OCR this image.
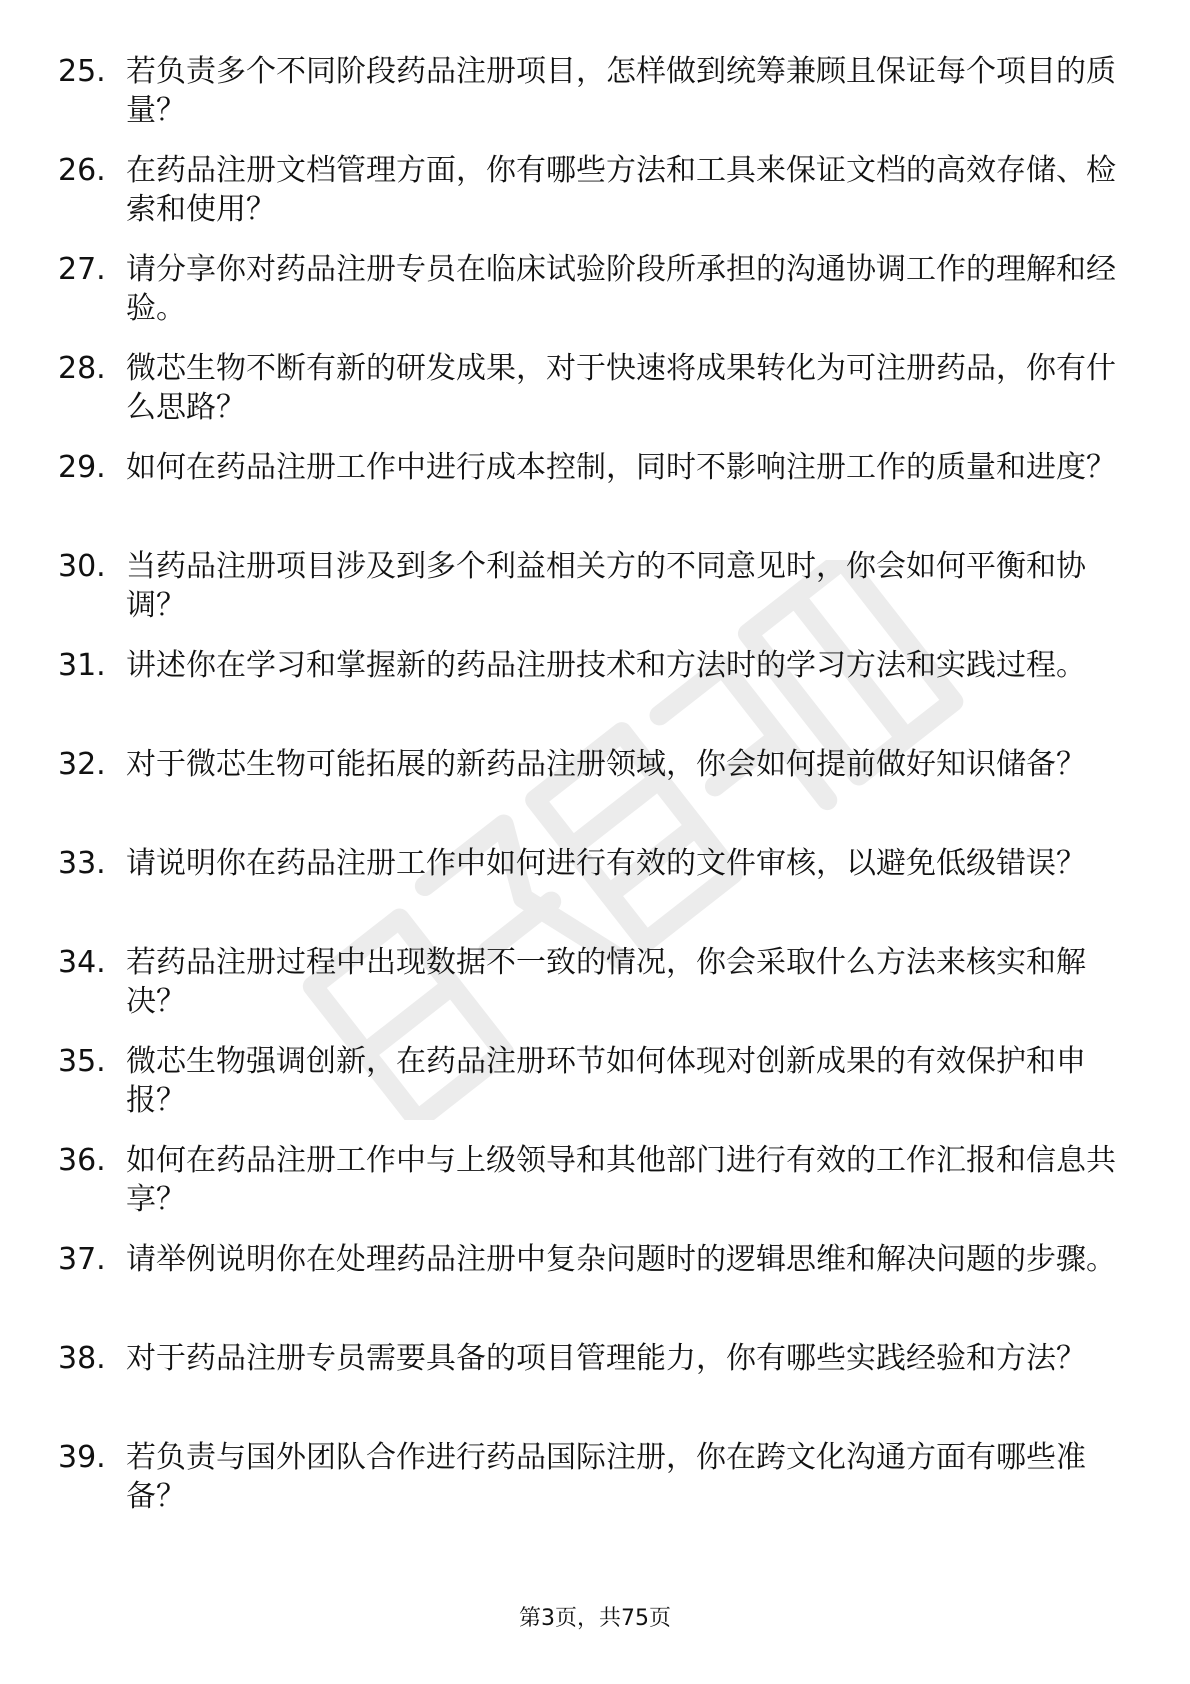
25. 若负责多个不同阶段药品注册项目，怎样做到统筹兼顾且保证每个项目的质量？
26. 在药品注册文档管理方面，你有哪些方法和工具来保证文档的高效存储、检索和使用？
27. 请分享你对药品注册专员在临床试验阶段所承担的沟通协调工作的理解和经验。
28. 微芯生物不断有新的研发成果，对于快速将成果转化为可注册药品，你有什么思路？
29. 如何在药品注册工作中进行成本控制，同时不影响注册工作的质量和进度？
30. 当药品注册项目涉及到多个利益相关方的不同意见时，你会如何平衡和协调？
31. 讲述你在学习和掌握新的药品注册技术和方法时的学习方法和实践过程。
32. 对于微芯生物可能拓展的新药品注册领域，你会如何提前做好知识储备？
33. 请说明你在药品注册工作中如何进行有效的文件审核，以避免低级错误？
34. 若药品注册过程中出现数据不一致的情况，你会采取什么方法来核实和解决？
35. 微芯生物强调创新，在药品注册环节如何体现对创新成果的有效保护和申报？
36. 如何在药品注册工作中与上级领导和其他部门进行有效的工作汇报和信息共享？
37. 请举例说明你在处理药品注册中复杂问题时的逻辑思维和解决问题的步骤。
38. 对于药品注册专员需要具备的项目管理能力，你有哪些实践经验和方法？
39. 若负责与国外团队合作进行药品国际注册，你在跨文化沟通方面有哪些准备？
第3页，共75页
